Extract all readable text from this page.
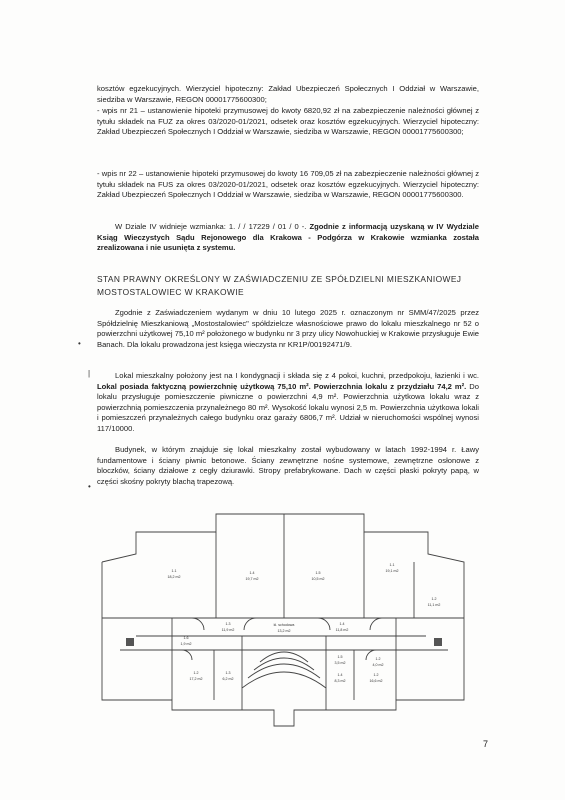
kosztów egzekucyjnych. Wierzyciel hipoteczny: Zakład Ubezpieczeń Społecznych I Oddział w Warszawie, siedziba w Warszawie, REGON 00001775600300;

- wpis nr 21 – ustanowienie hipoteki przymusowej do kwoty 6820,92 zł na zabezpieczenie należności głównej z tytułu składek na FUZ za okres 03/2020-01/2021, odsetek oraz kosztów egzekucyjnych. Wierzyciel hipoteczny: Zakład Ubezpieczeń Społecznych I Oddział w Warszawie, siedziba w Warszawie, REGON 00001775600300;

- wpis nr 22 – ustanowienie hipoteki przymusowej do kwoty 16 709,05 zł na zabezpieczenie należności głównej z tytułu składek na FUS za okres 03/2020-01/2021, odsetek oraz kosztów egzekucyjnych. Wierzyciel hipoteczny: Zakład Ubezpieczeń Społecznych I Oddział w Warszawie, siedziba w Warszawie, REGON 00001775600300.

W Dziale IV widnieje wzmianka: 1. / / 17229 / 01 / 0 -. Zgodnie z informacją uzyskaną w IV Wydziale Ksiąg Wieczystych Sądu Rejonowego dla Krakowa - Podgórza w Krakowie wzmianka została zrealizowana i nie usunięta z systemu.

STAN PRAWNY OKREŚLONY W ZAŚWIADCZENIU ZE SPÓŁDZIELNI MIESZKANIOWEJ MOSTOSTALOWIEC W KRAKOWIE

Zgodnie z Zaświadczeniem wydanym w dniu 10 lutego 2025 r. oznaczonym nr SMM/47/2025 przez Spółdzielnię Mieszkaniową „Mostostalowiec" spółdzielcze własnościowe prawo do lokalu mieszkalnego nr 52 o powierzchni użytkowej 75,10 m² położonego w budynku nr 3 przy ulicy Nowohuckiej w Krakowie przysługuje Ewie Banach. Dla lokalu prowadzona jest księga wieczysta nr KR1P/00192471/9.

Lokal mieszkalny położony jest na I kondygnacji i składa się z 4 pokoi, kuchni, przedpokoju, łazienki i wc. Lokal posiada faktyczną powierzchnię użytkową 75,10 m². Powierzchnia lokalu z przydziału 74,2 m². Do lokalu przysługuje pomieszczenie piwniczne o powierzchni 4,9 m². Powierzchnia użytkowa lokalu wraz z powierzchnią pomieszczenia przynależnego 80 m². Wysokość lokalu wynosi 2,5 m. Powierzchnia użytkowa lokali i pomieszczeń przynależnych całego budynku oraz garaży 6806,7 m². Udział w nieruchomości wspólnej wynosi 117/10000.

Budynek, w którym znajduje się lokal mieszkalny został wybudowany w latach 1992-1994 r. Ławy fundamentowe i ściany piwnic betonowe. Ściany zewnętrzne nośne systemowe, zewnętrzne osłonowe z bloczków, ściany działowe z cegły dziurawki. Stropy prefabrykowane. Dach w części płaski pokryty papą, w części skośny pokryty blachą trapezową.

•
|
•
1.1
18,2 m2
1.4
19,7 m2
1.5
10,5 m2
1.1
19,1 m2
1.2
11,1 m2
1.6
1,9 m2
1.3
11,9 m2
1.4
11,8 m2
1.5
3,5 m2
1.2
4,0 m2
1.2
17,2 m2
1.3
6,2 m2
1.4
8,3 m2
1.2
16,6 m2
kl. schodowa
13,2 m2
7
